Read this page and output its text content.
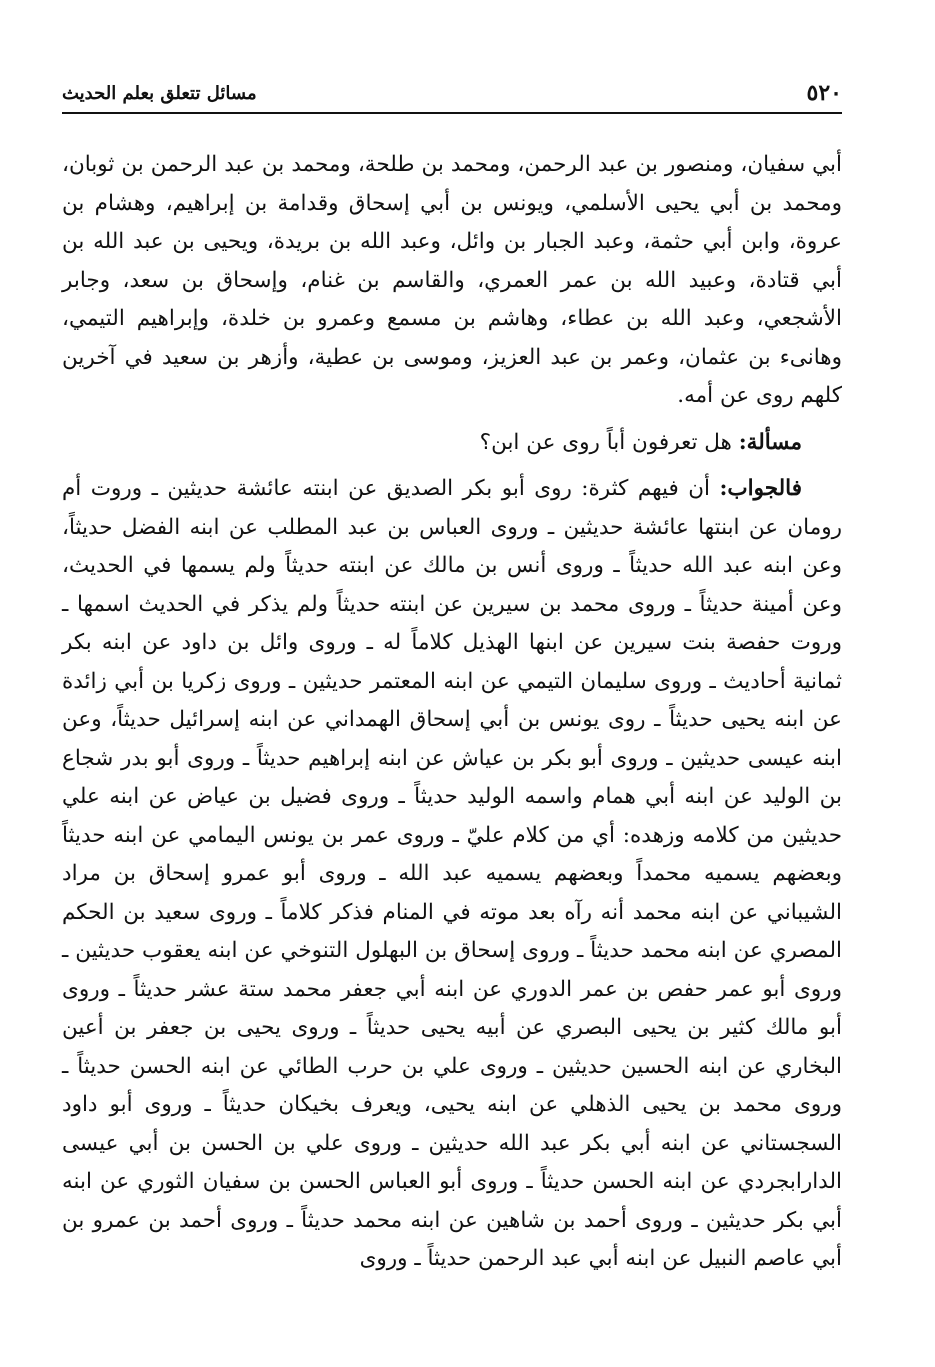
٥٢٠
مسائل تتعلق بعلم الحديث

أبي سفيان، ومنصور بن عبد الرحمن، ومحمد بن طلحة، ومحمد بن عبد الرحمن بن ثوبان، ومحمد بن أبي يحيى الأسلمي، ويونس بن أبي إسحاق وقدامة بن إبراهيم، وهشام بن عروة، وابن أبي حثمة، وعبد الجبار بن وائل، وعبد الله بن بريدة، ويحيى بن عبد الله بن أبي قتادة، وعبيد الله بن عمر العمري، والقاسم بن غنام، وإسحاق بن سعد، وجابر الأشجعي، وعبد الله بن عطاء، وهاشم بن مسمع وعمرو بن خلدة، وإبراهيم التيمي، وهانىء بن عثمان، وعمر بن عبد العزيز، وموسى بن عطية، وأزهر بن سعيد في آخرين كلهم روى عن أمه.

مسألة: هل تعرفون أباً روى عن ابن؟

فالجواب: أن فيهم كثرة: روى أبو بكر الصديق عن ابنته عائشة حديثين ـ وروت أم رومان عن ابنتها عائشة حديثين ـ وروى العباس بن عبد المطلب عن ابنه الفضل حديثاً، وعن ابنه عبد الله حديثاً ـ وروى أنس بن مالك عن ابنته حديثاً ولم يسمها في الحديث، وعن أمينة حديثاً ـ وروى محمد بن سيرين عن ابنته حديثاً ولم يذكر في الحديث اسمها ـ وروت حفصة بنت سيرين عن ابنها الهذيل كلاماً له ـ وروى وائل بن داود عن ابنه بكر ثمانية أحاديث ـ وروى سليمان التيمي عن ابنه المعتمر حديثين ـ وروى زكريا بن أبي زائدة عن ابنه يحيى حديثاً ـ روى يونس بن أبي إسحاق الهمداني عن ابنه إسرائيل حديثاً، وعن ابنه عيسى حديثين ـ وروى أبو بكر بن عياش عن ابنه إبراهيم حديثاً ـ وروى أبو بدر شجاع بن الوليد عن ابنه أبي همام واسمه الوليد حديثاً ـ وروى فضيل بن عياض عن ابنه علي حديثين من كلامه وزهده: أي من كلام عليّ ـ وروى عمر بن يونس اليمامي عن ابنه حديثاً وبعضهم يسميه محمداً وبعضهم يسميه عبد الله ـ وروى أبو عمرو إسحاق بن مراد الشيباني عن ابنه محمد أنه رآه بعد موته في المنام فذكر كلاماً ـ وروى سعيد بن الحكم المصري عن ابنه محمد حديثاً ـ وروى إسحاق بن البهلول التنوخي عن ابنه يعقوب حديثين ـ وروى أبو عمر حفص بن عمر الدوري عن ابنه أبي جعفر محمد ستة عشر حديثاً ـ وروى أبو مالك كثير بن يحيى البصري عن أبيه يحيى حديثاً ـ وروى يحيى بن جعفر بن أعين البخاري عن ابنه الحسين حديثين ـ وروى علي بن حرب الطائي عن ابنه الحسن حديثاً ـ وروى محمد بن يحيى الذهلي عن ابنه يحيى، ويعرف بخيكان حديثاً ـ وروى أبو داود السجستاني عن ابنه أبي بكر عبد الله حديثين ـ وروى علي بن الحسن بن أبي عيسى الدارابجردي عن ابنه الحسن حديثاً ـ وروى أبو العباس الحسن بن سفيان الثوري عن ابنه أبي بكر حديثين ـ وروى أحمد بن شاهين عن ابنه محمد حديثاً ـ وروى أحمد بن عمرو بن أبي عاصم النبيل عن ابنه أبي عبد الرحمن حديثاً ـ وروى
